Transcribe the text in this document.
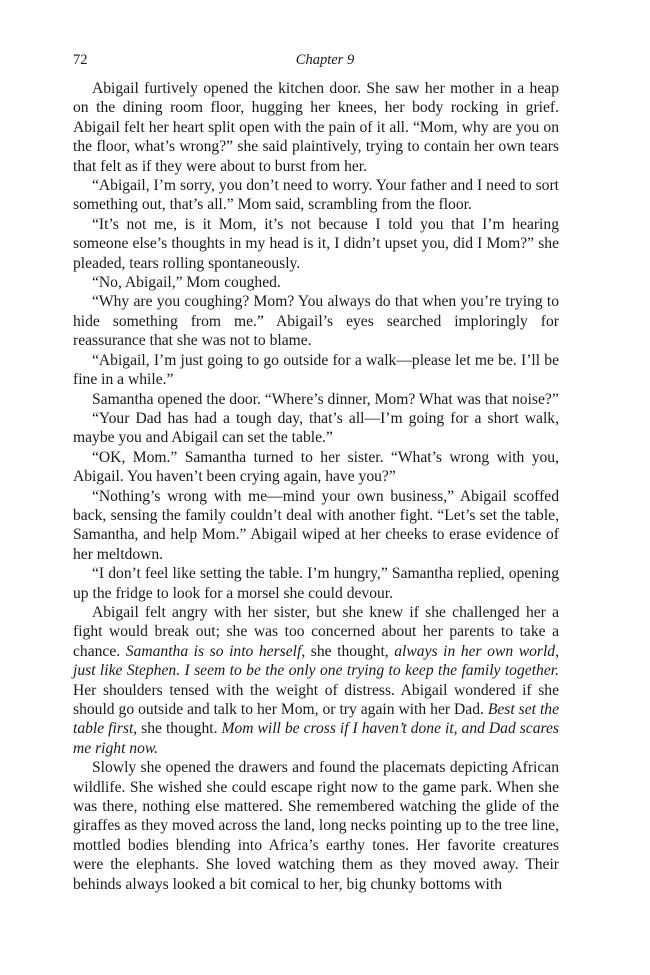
72	Chapter 9

Abigail furtively opened the kitchen door. She saw her mother in a heap on the dining room floor, hugging her knees, her body rocking in grief. Abigail felt her heart split open with the pain of it all. “Mom, why are you on the floor, what’s wrong?” she said plaintively, trying to contain her own tears that felt as if they were about to burst from her.

“Abigail, I’m sorry, you don’t need to worry. Your father and I need to sort something out, that’s all.” Mom said, scrambling from the floor.

“It’s not me, is it Mom, it’s not because I told you that I’m hearing someone else’s thoughts in my head is it, I didn’t upset you, did I Mom?” she pleaded, tears rolling spontaneously.

“No, Abigail,” Mom coughed.

“Why are you coughing? Mom? You always do that when you’re trying to hide something from me.” Abigail’s eyes searched imploringly for reassurance that she was not to blame.

“Abigail, I’m just going to go outside for a walk—please let me be. I’ll be fine in a while.”

Samantha opened the door. “Where’s dinner, Mom? What was that noise?”

“Your Dad has had a tough day, that’s all—I’m going for a short walk, maybe you and Abigail can set the table.”

“OK, Mom.” Samantha turned to her sister. “What’s wrong with you, Abigail. You haven’t been crying again, have you?”

“Nothing’s wrong with me—mind your own business,” Abigail scoffed back, sensing the family couldn’t deal with another fight. “Let’s set the table, Samantha, and help Mom.” Abigail wiped at her cheeks to erase evidence of her meltdown.

“I don’t feel like setting the table. I’m hungry,” Samantha replied, opening up the fridge to look for a morsel she could devour.

Abigail felt angry with her sister, but she knew if she challenged her a fight would break out; she was too concerned about her parents to take a chance. Samantha is so into herself, she thought, always in her own world, just like Stephen. I seem to be the only one trying to keep the family together. Her shoulders tensed with the weight of distress. Abigail wondered if she should go outside and talk to her Mom, or try again with her Dad. Best set the table first, she thought. Mom will be cross if I haven’t done it, and Dad scares me right now.

Slowly she opened the drawers and found the placemats depicting African wildlife. She wished she could escape right now to the game park. When she was there, nothing else mattered. She remembered watching the glide of the giraffes as they moved across the land, long necks pointing up to the tree line, mottled bodies blending into Africa’s earthy tones. Her favorite creatures were the elephants. She loved watching them as they moved away. Their behinds always looked a bit comical to her, big chunky bottoms with
